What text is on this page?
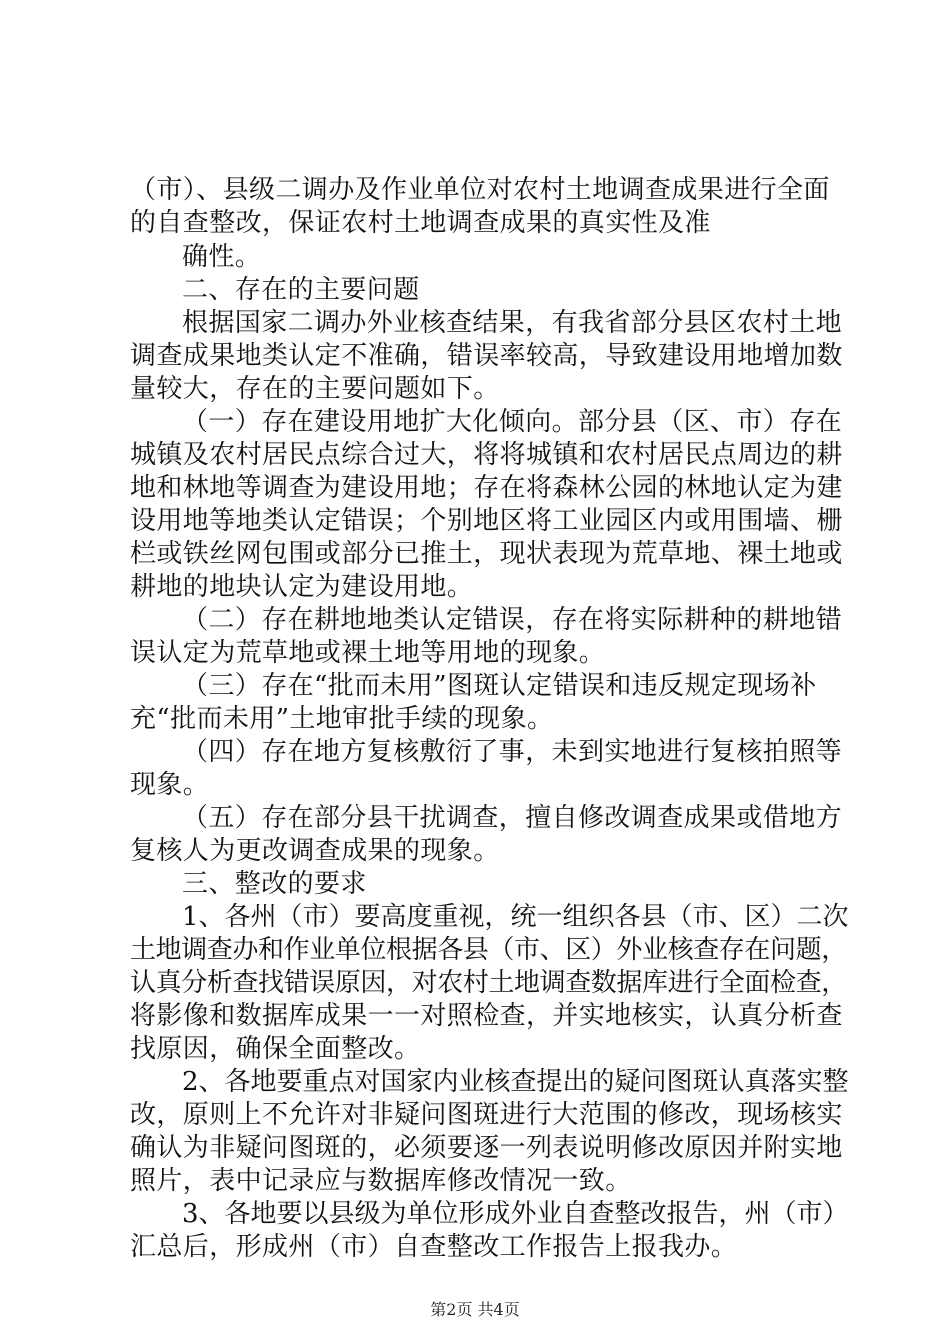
（市）、县级二调办及作业单位对农村土地调查成果进行全面
的自查整改，保证农村土地调查成果的真实性及准
确性。
二、存在的主要问题
根据国家二调办外业核查结果，有我省部分县区农村土地
调查成果地类认定不准确，错误率较高，导致建设用地增加数
量较大，存在的主要问题如下。
（一）存在建设用地扩大化倾向。部分县（区、市）存在
城镇及农村居民点综合过大，将将城镇和农村居民点周边的耕
地和林地等调查为建设用地；存在将森林公园的林地认定为建
设用地等地类认定错误；个别地区将工业园区内或用围墙、栅
栏或铁丝网包围或部分已推土，现状表现为荒草地、裸土地或
耕地的地块认定为建设用地。
（二）存在耕地地类认定错误，存在将实际耕种的耕地错
误认定为荒草地或裸土地等用地的现象。
（三）存在“批而未用”图斑认定错误和违反规定现场补
充“批而未用”土地审批手续的现象。
（四）存在地方复核敷衍了事，未到实地进行复核拍照等
现象。
（五）存在部分县干扰调查，擅自修改调查成果或借地方
复核人为更改调查成果的现象。
三、整改的要求
1、各州（市）要高度重视，统一组织各县（市、区）二次
土地调查办和作业单位根据各县（市、区）外业核查存在问题，
认真分析查找错误原因，对农村土地调查数据库进行全面检查，
将影像和数据库成果一一对照检查，并实地核实，认真分析查
找原因，确保全面整改。
2、各地要重点对国家内业核查提出的疑问图斑认真落实整
改，原则上不允许对非疑问图斑进行大范围的修改，现场核实
确认为非疑问图斑的，必须要逐一列表说明修改原因并附实地
照片，表中记录应与数据库修改情况一致。
3、各地要以县级为单位形成外业自查整改报告，州（市）
汇总后，形成州（市）自查整改工作报告上报我办。
第2页 共4页
